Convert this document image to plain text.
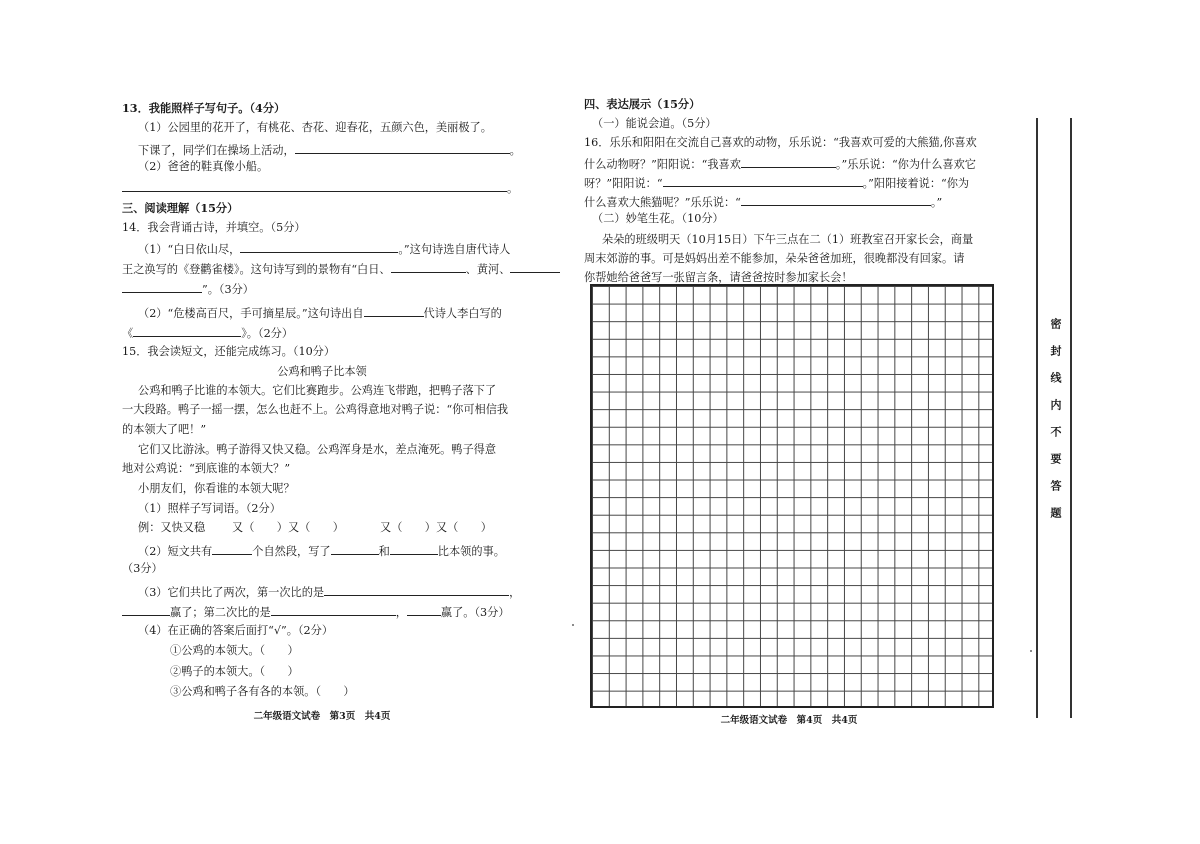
13．我能照样子写句子。（4分）
（1）公园里的花开了，有桃花、杏花、迎春花，五颜六色，美丽极了。
下课了，同学们在操场上活动，	。
（2）爸爸的鞋真像小船。
。
三、阅读理解（15分）
14．我会背诵古诗，并填空。（5分）
（1）“白日依山尽，	。”这句诗选自唐代诗人
王之涣写的《登鹳雀楼》。这句诗写到的景物有“白日、	、黄河、
”。（3分）
（2）“危楼高百尺，手可摘星辰。”这句诗出自	代诗人李白写的
《	》。（2分）
15．我会读短文，还能完成练习。（10分）
公鸡和鸭子比本领
公鸡和鸭子比谁的本领大。它们比赛跑步。公鸡连飞带跑，把鸭子落下了
一大段路。鸭子一摇一摆，怎么也赶不上。公鸡得意地对鸭子说：“你可相信我
的本领大了吧！”
它们又比游泳。鸭子游得又快又稳。公鸡浑身是水，差点淹死。鸭子得意
地对公鸡说：“到底谁的本领大？”
小朋友们，你看谁的本领大呢？
（1）照样子写词语。（2分）
例：又快又稳 又（　　）又（　　）	又（　　）又（　　）
（2）短文共有	个自然段，写了	和	比本领的事。
（3分）
（3）它们共比了两次，第一次比的是	，
赢了；第二次比的是	，	赢了。（3分）
（4）在正确的答案后面打“√”。（2分）
①公鸡的本领大。（　　）
②鸭子的本领大。（　　）
③公鸡和鸭子各有各的本领。（　　）
二年级语文试卷　第3页　共4页
四、表达展示（15分）
（一）能说会道。（5分）
16．乐乐和阳阳在交流自己喜欢的动物，乐乐说：“我喜欢可爱的大熊猫,你喜欢
什么动物呀？”阳阳说：“我喜欢	。”乐乐说：“你为什么喜欢它
呀？”阳阳说：“	。”阳阳接着说：“你为
什么喜欢大熊猫呢？”乐乐说：“	。”
（二）妙笔生花。（10分）
朵朵的班级明天（10月15日）下午三点在二（1）班教室召开家长会，商量
周末郊游的事。可是妈妈出差不能参加，朵朵爸爸加班，很晚都没有回家。请
你帮她给爸爸写一张留言条，请爸爸按时参加家长会！
二年级语文试卷　第4页　共4页
密封线内不要答题
